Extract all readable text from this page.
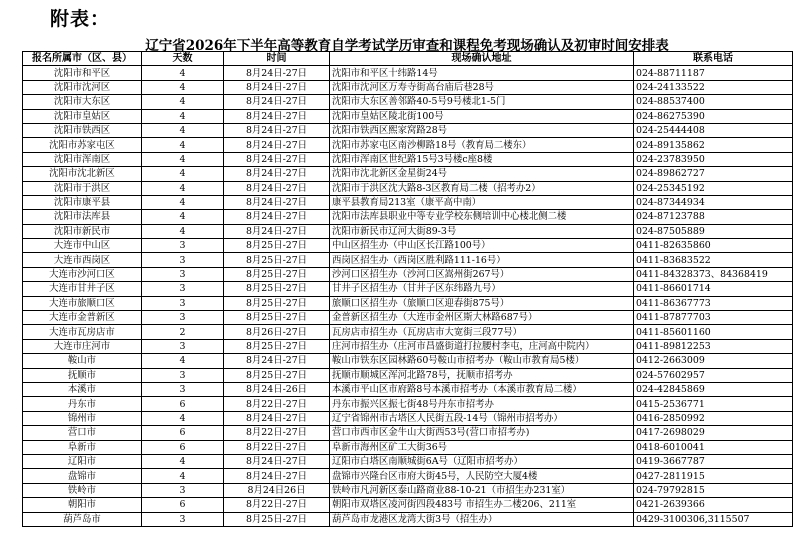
附表：
辽宁省2026年下半年高等教育自学考试学历审查和课程免考现场确认及初审时间安排表
报名所属市（区、县）	天数	时间	现场确认地址	联系电话
沈阳市和平区	4	8月24日-27日	沈阳市和平区十纬路14号	024-88711187
沈阳市沈河区	4	8月24日-27日	沈阳市沈河区万寿寺街高台庙后巷28号	024-24133522
沈阳市大东区	4	8月24日-27日	沈阳市大东区善邻路40-5号9号楼北1-5门	024-88537400
沈阳市皇姑区	4	8月24日-27日	沈阳市皇姑区陵北街100号	024-86275390
沈阳市铁西区	4	8月24日-27日	沈阳市铁西区熙家窝路28号	024-25444408
沈阳市苏家屯区	4	8月24日-27日	沈阳市苏家屯区南沙柳路18号（教育局二楼东）	024-89135862
沈阳市浑南区	4	8月24日-27日	沈阳市浑南区世纪路15号3号楼c座8楼	024-23783950
沈阳市沈北新区	4	8月24日-27日	沈阳市沈北新区金星街24号	024-89862727
沈阳市于洪区	4	8月24日-27日	沈阳市于洪区沈大路8-3区教育局二楼（招考办2）	024-25345192
沈阳市康平县	4	8月24日-27日	康平县教育局213室（康平高中南）	024-87344934
沈阳市法库县	4	8月24日-27日	沈阳市法库县职业中等专业学校东侧培训中心楼北侧二楼	024-87123788
沈阳市新民市	4	8月24日-27日	沈阳市新民市辽河大街89-3号	024-87505889
大连市中山区	3	8月25日-27日	中山区招生办（中山区长江路100号）	0411-82635860
大连市西岗区	3	8月25日-27日	西岗区招生办（西岗区胜利路111-16号）	0411-83683522
大连市沙河口区	3	8月25日-27日	沙河口区招生办（沙河口区嵩州街267号）	0411-84328373、84368419
大连市甘井子区	3	8月25日-27日	甘井子区招生办（甘井子区东纬路九号）	0411-86601714
大连市旅顺口区	3	8月25日-27日	旅顺口区招生办（旅顺口区迎春街875号）	0411-86367773
大连市金普新区	3	8月25日-27日	金普新区招生办（大连市金州区斯大林路687号）	0411-87877703
大连市瓦房店市	2	8月26日-27日	瓦房店市招生办（瓦房店市大宽街三段77号）	0411-85601160
大连市庄河市	3	8月25日-27日	庄河市招生办（庄河市昌盛街道打拉腰村李屯，庄河高中院内）	0411-89812253
鞍山市	4	8月24日-27日	鞍山市铁东区园林路60号鞍山市招考办（鞍山市教育局5楼）	0412-2663009
抚顺市	3	8月25日-27日	抚顺市顺城区浑河北路78号，抚顺市招考办	024-57602957
本溪市	3	8月24日-26日	本溪市平山区市府路8号本溪市招考办（本溪市教育局二楼）	024-42845869
丹东市	6	8月22日-27日	丹东市振兴区振七街48号丹东市招考办	0415-2536771
锦州市	4	8月24日-27日	辽宁省锦州市古塔区人民街五段-14号（锦州市招考办）	0416-2850992
营口市	6	8月22日-27日	营口市西市区金牛山大街西53号(营口市招考办)	0417-2698029
阜新市	6	8月22日-27日	阜新市海州区矿工大街36号	0418-6010041
辽阳市	4	8月24日-27日	辽阳市白塔区南顺城街6A号（辽阳市招考办）	0419-3667787
盘锦市	4	8月24日-27日	盘锦市兴隆台区市府大街45号，人民防空大厦4楼	0427-2811915
铁岭市	3	8月24日26日	铁岭市凡河新区泰山路商业88-10-21（市招生办231室）	024-79792815
朝阳市	6	8月22日-27日	朝阳市双塔区凌河街四段483号 市招生办二楼206、211室	0421-2639366
葫芦岛市	3	8月25日-27日	葫芦岛市龙港区龙湾大街3号（招生办）	0429-3100306,3115507
